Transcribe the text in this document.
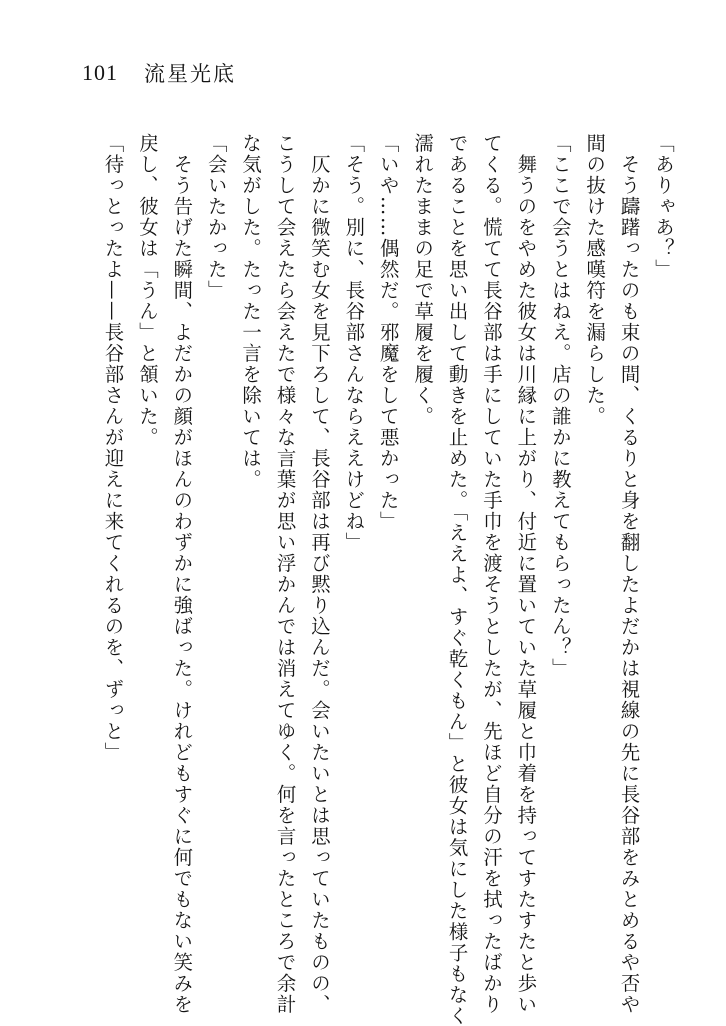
101 流星光底

「ありゃあ？」

　そう躊躇ったのも束の間、くるりと身を翻したよだかは視線の先に長谷部をみとめるや否や

間の抜けた感嘆符を漏らした。

「ここで会うとはねえ。店の誰かに教えてもらったん？」

　舞うのをやめた彼女は川縁に上がり、付近に置いていた草履と巾着を持ってすたすたと歩い

てくる。慌てて長谷部は手にしていた手巾を渡そうとしたが、先ほど自分の汗を拭ったばかり

であることを思い出して動きを止めた。「ええよ、すぐ乾くもん」と彼女は気にした様子もなく

濡れたままの足で草履を履く。

「いや……偶然だ。邪魔をして悪かった」

「そう。別に、長谷部さんならええけどね」

　仄かに微笑む女を見下ろして、長谷部は再び黙り込んだ。会いたいとは思っていたものの、

こうして会えたら会えたで様々な言葉が思い浮かんでは消えてゆく。何を言ったところで余計

な気がした。たった一言を除いては。

「会いたかった」

　そう告げた瞬間、よだかの顔がほんのわずかに強ばった。けれどもすぐに何でもない笑みを

戻し、彼女は「うん」と頷いた。

「待っとったよ——長谷部さんが迎えに来てくれるのを、ずっと」
